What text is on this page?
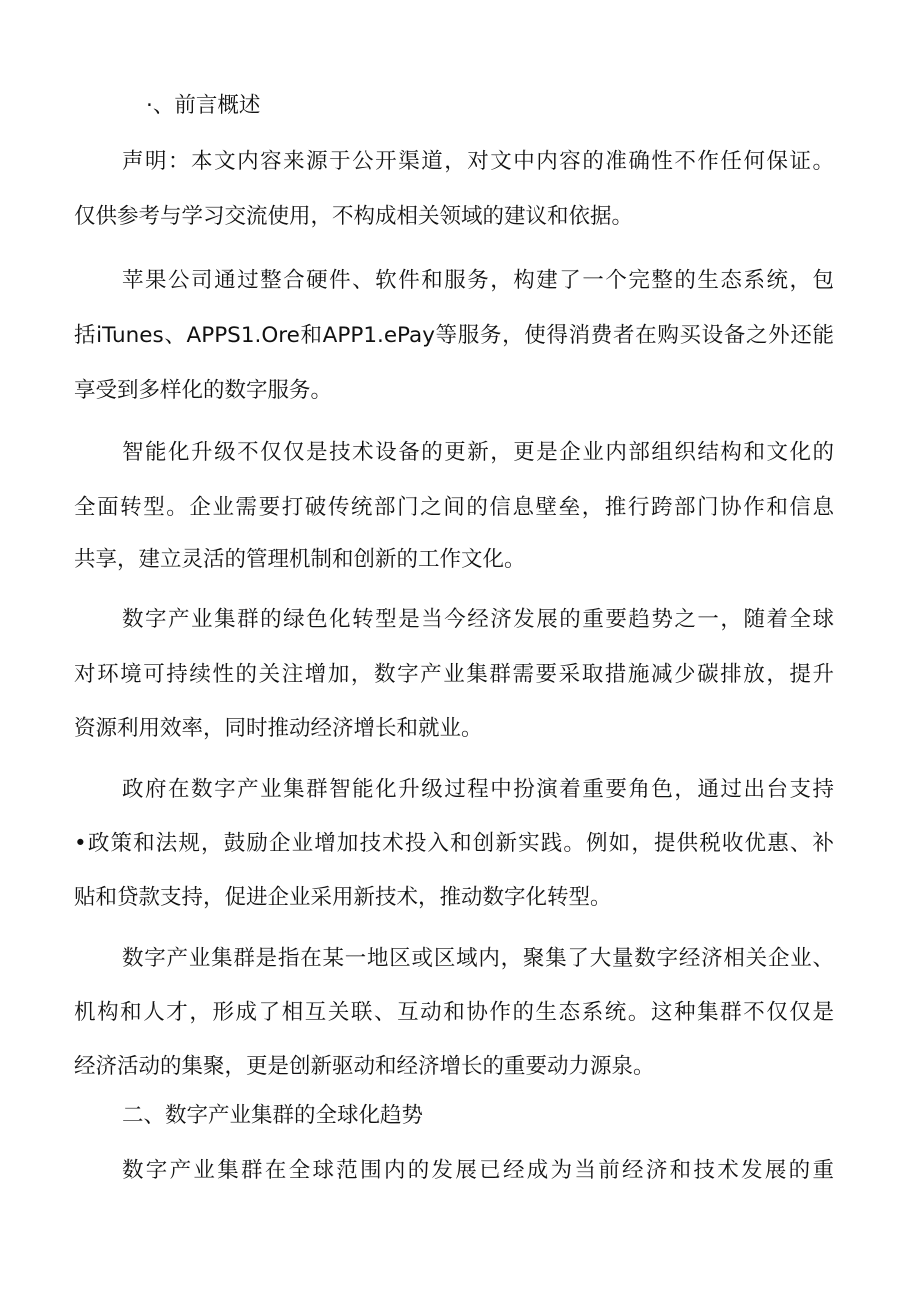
·、前言概述
声明：本文内容来源于公开渠道，对文中内容的准确性不作任何保证。
仅供参考与学习交流使用，不构成相关领域的建议和依据。
苹果公司通过整合硬件、软件和服务，构建了一个完整的生态系统，包
括iTunes、APPS1.Ore和APP1.ePay等服务，使得消费者在购买设备之外还能
享受到多样化的数字服务。
智能化升级不仅仅是技术设备的更新，更是企业内部组织结构和文化的
全面转型。企业需要打破传统部门之间的信息壁垒，推行跨部门协作和信息
共享，建立灵活的管理机制和创新的工作文化。
数字产业集群的绿色化转型是当今经济发展的重要趋势之一，随着全球
对环境可持续性的关注增加，数字产业集群需要采取措施减少碳排放，提升
资源利用效率，同时推动经济增长和就业。
政府在数字产业集群智能化升级过程中扮演着重要角色，通过出台支持
•政策和法规，鼓励企业增加技术投入和创新实践。例如，提供税收优惠、补
贴和贷款支持，促进企业采用新技术，推动数字化转型。
数字产业集群是指在某一地区或区域内，聚集了大量数字经济相关企业、
机构和人才，形成了相互关联、互动和协作的生态系统。这种集群不仅仅是
经济活动的集聚，更是创新驱动和经济增长的重要动力源泉。
二、数字产业集群的全球化趋势
数字产业集群在全球范围内的发展已经成为当前经济和技术发展的重
